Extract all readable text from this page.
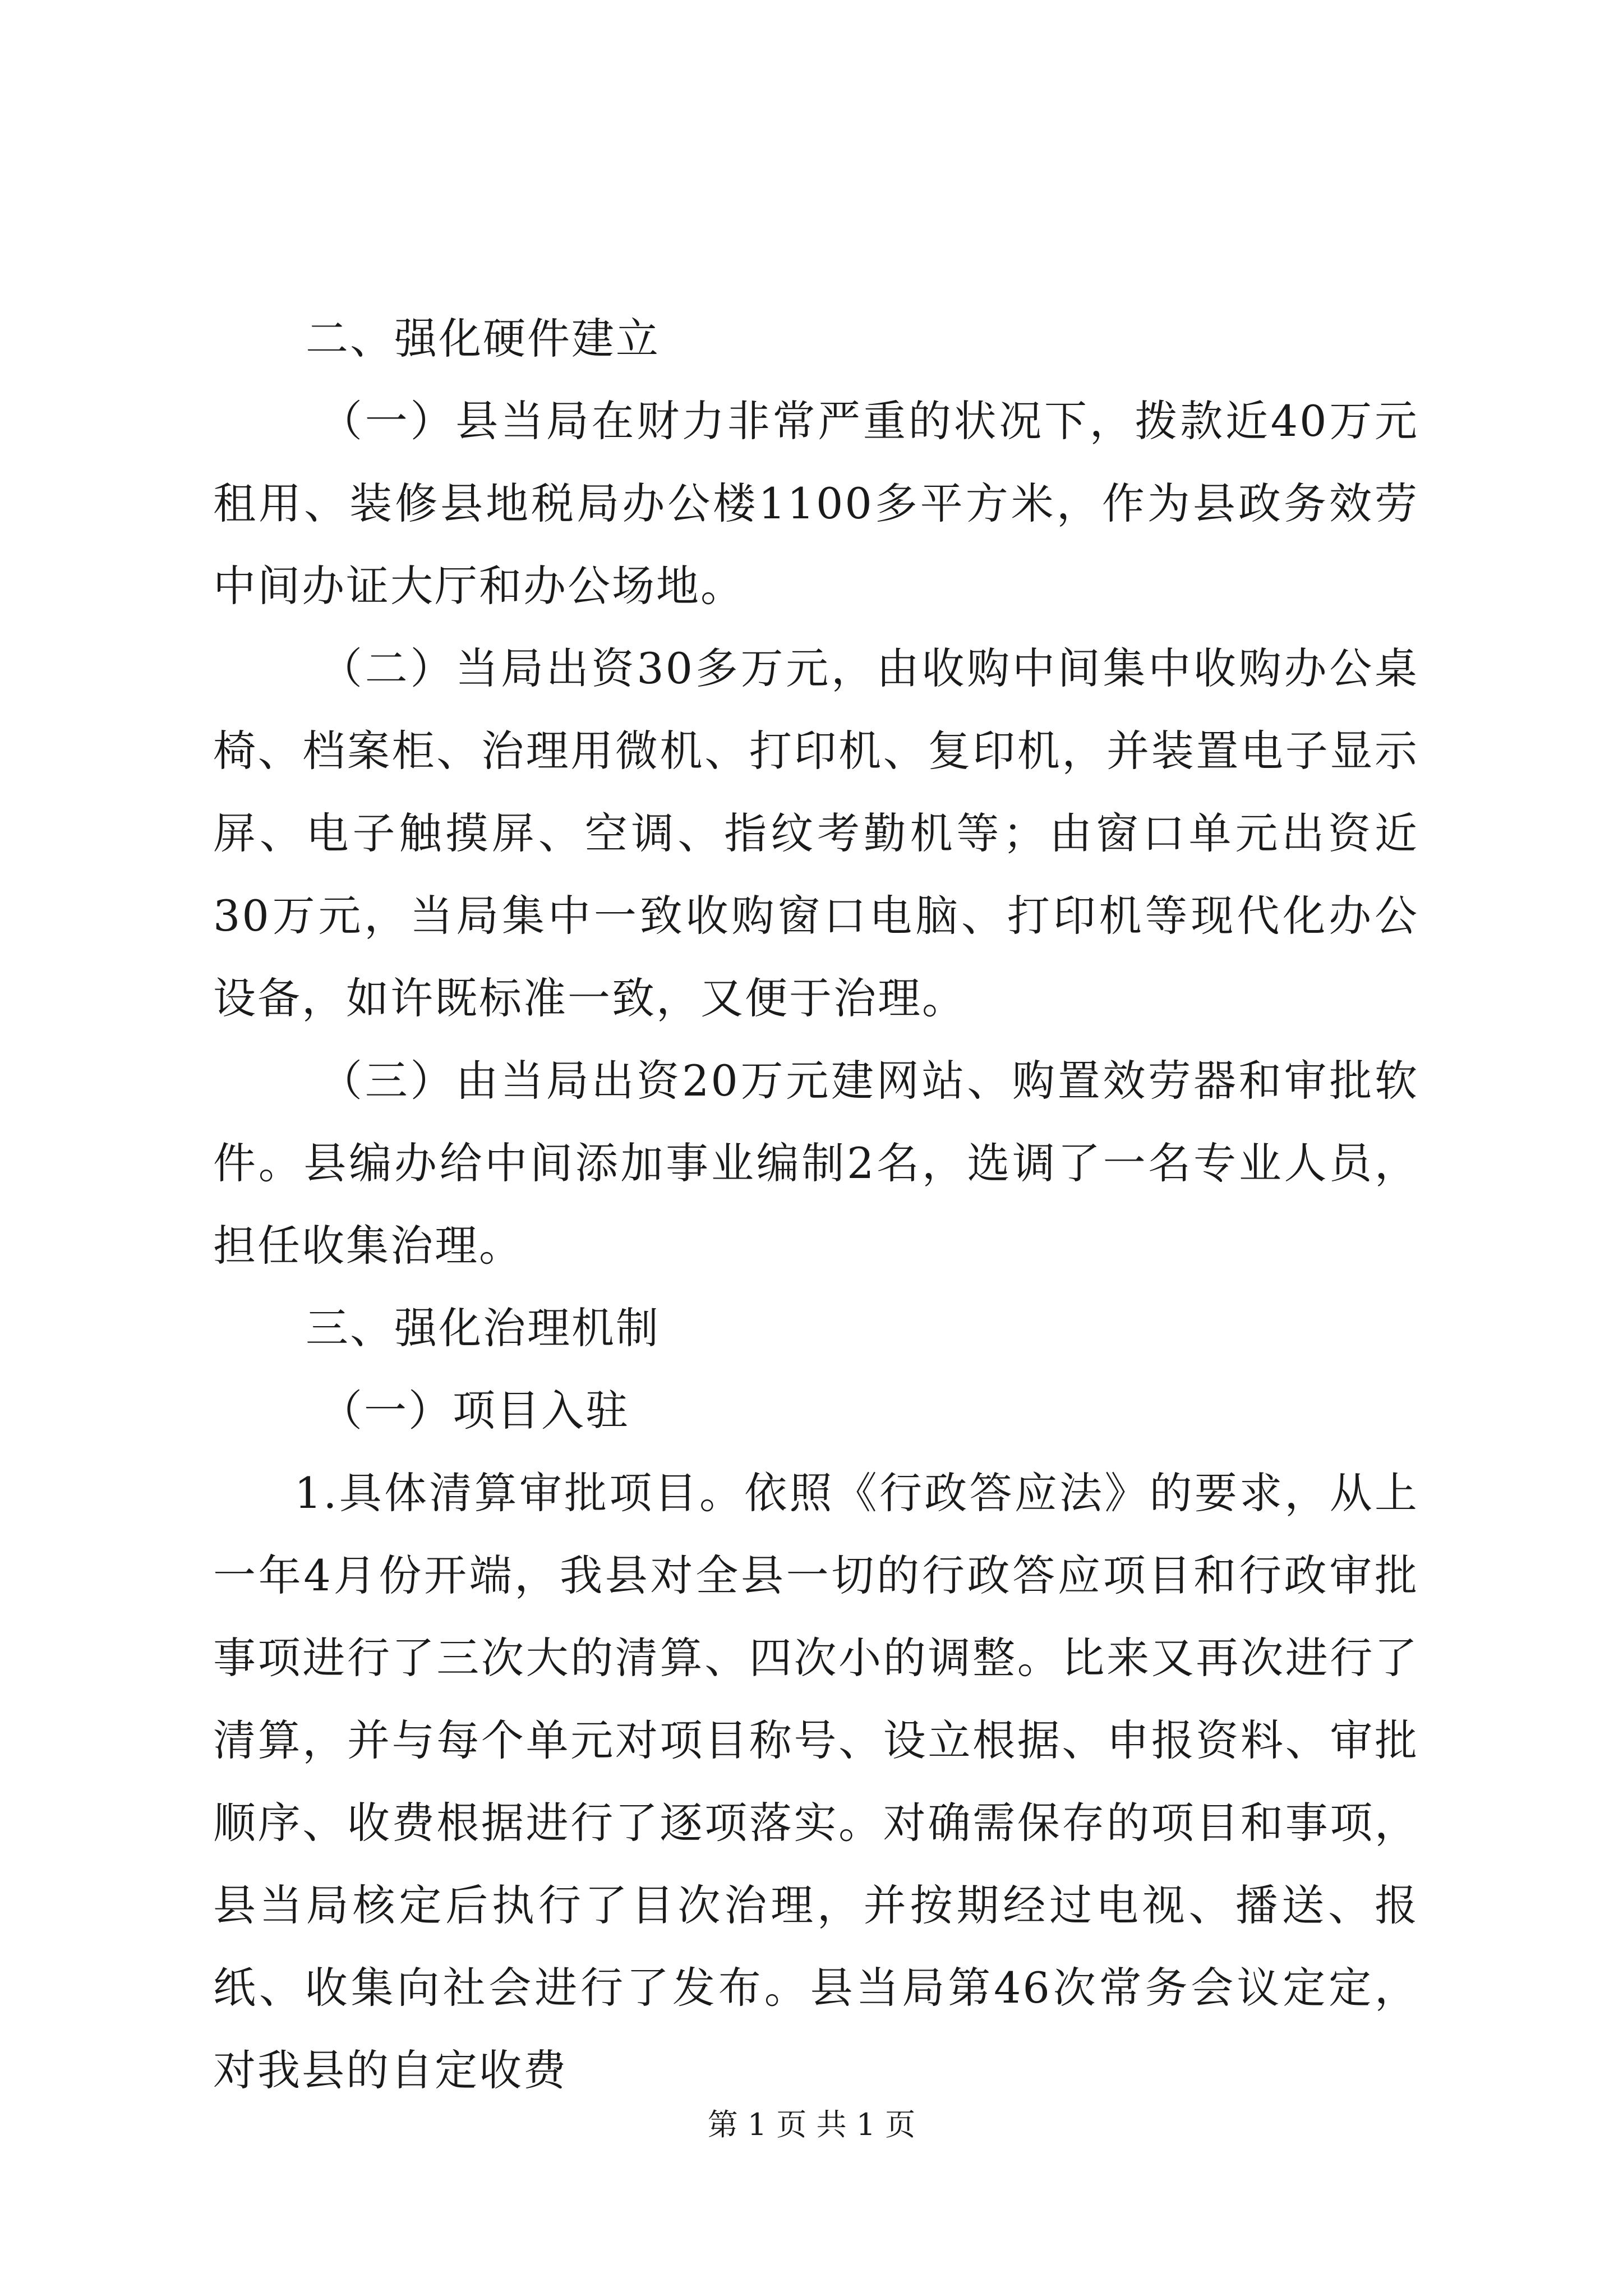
二、强化硬件建立

（一）县当局在财力非常严重的状况下，拨款近40万元租用、装修县地税局办公楼1100多平方米，作为县政务效劳中间办证大厅和办公场地。

（二）当局出资30多万元，由收购中间集中收购办公桌椅、档案柜、治理用微机、打印机、复印机，并装置电子显示屏、电子触摸屏、空调、指纹考勤机等；由窗口单元出资近30万元，当局集中一致收购窗口电脑、打印机等现代化办公设备，如许既标准一致，又便于治理。

（三）由当局出资20万元建网站、购置效劳器和审批软件。县编办给中间添加事业编制2名，选调了一名专业人员，担任收集治理。

三、强化治理机制

（一）项目入驻

1.具体清算审批项目。依照《行政答应法》的要求，从上一年4月份开端，我县对全县一切的行政答应项目和行政审批事项进行了三次大的清算、四次小的调整。比来又再次进行了清算，并与每个单元对项目称号、设立根据、申报资料、审批顺序、收费根据进行了逐项落实。对确需保存的项目和事项，县当局核定后执行了目次治理，并按期经过电视、播送、报纸、收集向社会进行了发布。县当局第46次常务会议定定，对我县的自定收费

第 1 页 共 1 页
